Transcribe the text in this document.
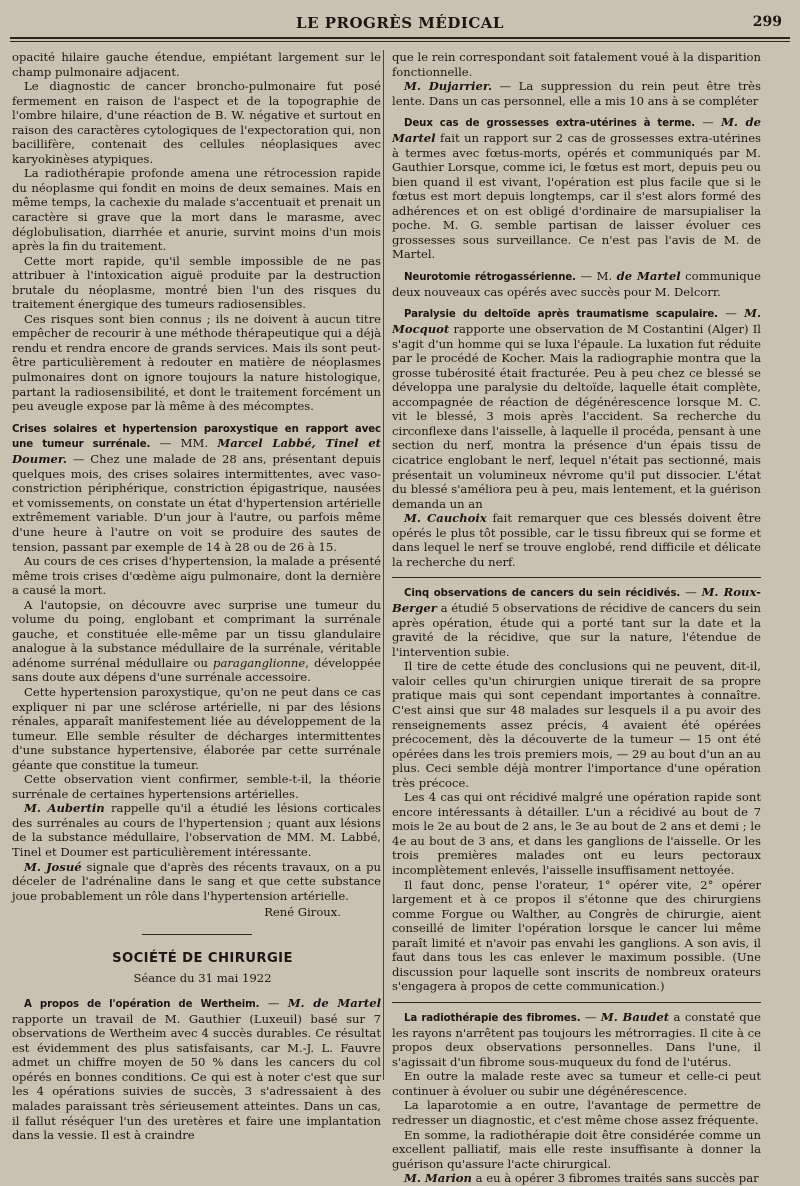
LE PROGRÈS MÉDICAL	299

opacité hilaire gauche étendue, empiétant largement sur le champ pulmonaire adjacent.

Le diagnostic de cancer broncho-pulmonaire fut posé fermement en raison de l'aspect et de la topographie de l'ombre hilaire, d'une réaction de B. W. négative et surtout en raison des caractères cytologiques de l'expectoration qui, non bacillifère, contenait des cellules néoplasiques avec karyokinèses atypiques.

La radiothérapie profonde amena une rétrocession rapide du néoplasme qui fondit en moins de deux semaines. Mais en même temps, la cachexie du malade s'accentuait et prenait un caractère si grave que la mort dans le marasme, avec déglobulisation, diarrhée et anurie, survint moins d'un mois après la fin du traitement.

Cette mort rapide, qu'il semble impossible de ne pas attribuer à l'intoxication aiguë produite par la destruction brutale du néoplasme, montré bien l'un des risques du traitement énergique des tumeurs radiosensibles.

Ces risques sont bien connus ; ils ne doivent à aucun titre empêcher de recourir à une méthode thérapeutique qui a déjà rendu et rendra encore de grands services. Mais ils sont peut-être particulièrement à redouter en matière de néoplasmes pulmonaires dont on ignore toujours la nature histologique, partant la radiosensibilité, et dont le traitement forcément un peu aveugle expose par là même à des mécomptes.

Crises solaires et hypertension paroxystique en rapport avec une tumeur surrénale. — MM. Marcel Labbé, Tinel et Doumer. — Chez une malade de 28 ans, présentant depuis quelques mois, des crises solaires intermittentes, avec vaso-constriction périphérique, constriction épigastrique, nausées et vomissements, on constate un état d'hypertension artérielle extrêmement variable. D'un jour à l'autre, ou parfois même d'une heure à l'autre on voit se produire des sautes de tension, passant par exemple de 14 à 28 ou de 26 à 15.

Au cours de ces crises d'hypertension, la malade a présenté même trois crises d'œdème aigu pulmonaire, dont la dernière a causé la mort.

A l'autopsie, on découvre avec surprise une tumeur du volume du poing, englobant et comprimant la surrénale gauche, et constituée elle-même par un tissu glandulaire analogue à la substance médullaire de la surrénale, véritable adénome surrénal médullaire ou paraganglionne, développée sans doute aux dépens d'une surrénale accessoire.

Cette hypertension paroxystique, qu'on ne peut dans ce cas expliquer ni par une sclérose artérielle, ni par des lésions rénales, apparaît manifestement liée au développement de la tumeur. Elle semble résulter de décharges intermittentes d'une substance hypertensive, élaborée par cette surrénale géante que constitue la tumeur.

Cette observation vient confirmer, semble-t-il, la théorie surrénale de certaines hypertensions artérielles.

M. Aubertin rappelle qu'il a étudié les lésions corticales des surrénales au cours de l'hypertension ; quant aux lésions de la substance médullaire, l'observation de MM. M. Labbé, Tinel et Doumer est particulièrement intéressante.

M. Josué signale que d'après des récents travaux, on a pu déceler de l'adrénaline dans le sang et que cette substance joue probablement un rôle dans l'hypertension artérielle.

René Giroux.

SOCIÉTÉ DE CHIRURGIE

Séance du 31 mai 1922

A propos de l'opération de Wertheim. — M. de Martel rapporte un travail de M. Gauthier (Luxeuil) basé sur 7 observations de Wertheim avec 4 succès durables. Ce résultat est évidemment des plus satisfaisants, car M.-J. L. Fauvre admet un chiffre moyen de 50 % dans les cancers du col opérés en bonnes conditions. Ce qui est à noter c'est que sur les 4 opérations suivies de succès, 3 s'adressaient à des malades paraissant très sérieusement atteintes. Dans un cas, il fallut réséquer l'un des uretères et faire une implantation dans la vessie. Il est à craindre

que le rein correspondant soit fatalement voué à la disparition fonctionnelle.

M. Dujarrier. — La suppression du rein peut être très lente. Dans un cas personnel, elle a mis 10 ans à se compléter

Deux cas de grossesses extra-utérines à terme. — M. de Martel fait un rapport sur 2 cas de grossesses extra-utérines à termes avec fœtus-morts, opérés et communiqués par M. Gauthier Lorsque, comme ici, le fœtus est mort, depuis peu ou bien quand il est vivant, l'opération est plus facile que si le fœtus est mort depuis longtemps, car il s'est alors formé des adhérences et on est obligé d'ordinaire de marsupialiser la poche. M. G. semble partisan de laisser évoluer ces grossesses sous surveillance. Ce n'est pas l'avis de M. de Martel.

Neurotomie rétrogassérienne. — M. de Martel communique deux nouveaux cas opérés avec succès pour M. Delcorr.

Paralysie du deltoïde après traumatisme scapulaire. — M. Mocquot rapporte une observation de M Costantini (Alger) Il s'agit d'un homme qui se luxa l'épaule. La luxation fut réduite par le procédé de Kocher. Mais la radiographie montra que la grosse tubérosité était fracturée. Peu à peu chez ce blessé se développa une paralysie du deltoïde, laquelle était complète, accompagnée de réaction de dégénérescence lorsque M. C. vit le blessé, 3 mois après l'accident. Sa recherche du circonflexe dans l'aisselle, à laquelle il procéda, pensant à une section du nerf, montra la présence d'un épais tissu de cicatrice englobant le nerf, lequel n'était pas sectionné, mais présentait un volumineux névrome qu'il put dissocier. L'état du blessé s'améliora peu à peu, mais lentement, et la guérison demanda un an

M. Cauchoix fait remarquer que ces blessés doivent être opérés le plus tôt possible, car le tissu fibreux qui se forme et dans lequel le nerf se trouve englobé, rend difficile et délicate la recherche du nerf.

Cinq observations de cancers du sein récidivés. — M. Roux-Berger a étudié 5 observations de récidive de cancers du sein après opération, étude qui a porté tant sur la date et la gravité de la récidive, que sur la nature, l'étendue de l'intervention subie.

Il tire de cette étude des conclusions qui ne peuvent, dit-il, valoir celles qu'un chirurgien unique tirerait de sa propre pratique mais qui sont cependant importantes à connaître. C'est ainsi que sur 48 malades sur lesquels il a pu avoir des renseignements assez précis, 4 avaient été opérées précocement, dès la découverte de la tumeur — 15 ont été opérées dans les trois premiers mois, — 29 au bout d'un an au plus. Ceci semble déjà montrer l'importance d'une opération très précoce.

Les 4 cas qui ont récidivé malgré une opération rapide sont encore intéressants à détailler. L'un a récidivé au bout de 7 mois le 2e au bout de 2 ans, le 3e au bout de 2 ans et demi ; le 4e au bout de 3 ans, et dans les ganglions de l'aisselle. Or les trois premières malades ont eu leurs pectoraux incomplètement enlevés, l'aisselle insuffisament nettoyée.

Il faut donc, pense l'orateur, 1° opérer vite, 2° opérer largement et à ce propos il s'étonne que des chirurgiens comme Forgue ou Walther, au Congrès de chirurgie, aient conseillé de limiter l'opération lorsque le cancer lui même paraît limité et n'avoir pas envahi les ganglions. A son avis, il faut dans tous les cas enlever le maximum possible. (Une discussion pour laquelle sont inscrits de nombreux orateurs s'engagera à propos de cette communication.)

La radiothérapie des fibromes. — M. Baudet a constaté que les rayons n'arrêtent pas toujours les métrorragies. Il cite à ce propos deux observations personnelles. Dans l'une, il s'agissait d'un fibrome sous-muqueux du fond de l'utérus.

En outre la malade reste avec sa tumeur et celle-ci peut continuer à évoluer ou subir une dégénérescence.

La laparotomie a en outre, l'avantage de permettre de redresser un diagnostic, et c'est même chose assez fréquente.

En somme, la radiothérapie doit être considérée comme un excellent palliatif, mais elle reste insuffisante à donner la guérison qu'assure l'acte chirurgical.

M. Marion a eu à opérer 3 fibromes traités sans succès par
